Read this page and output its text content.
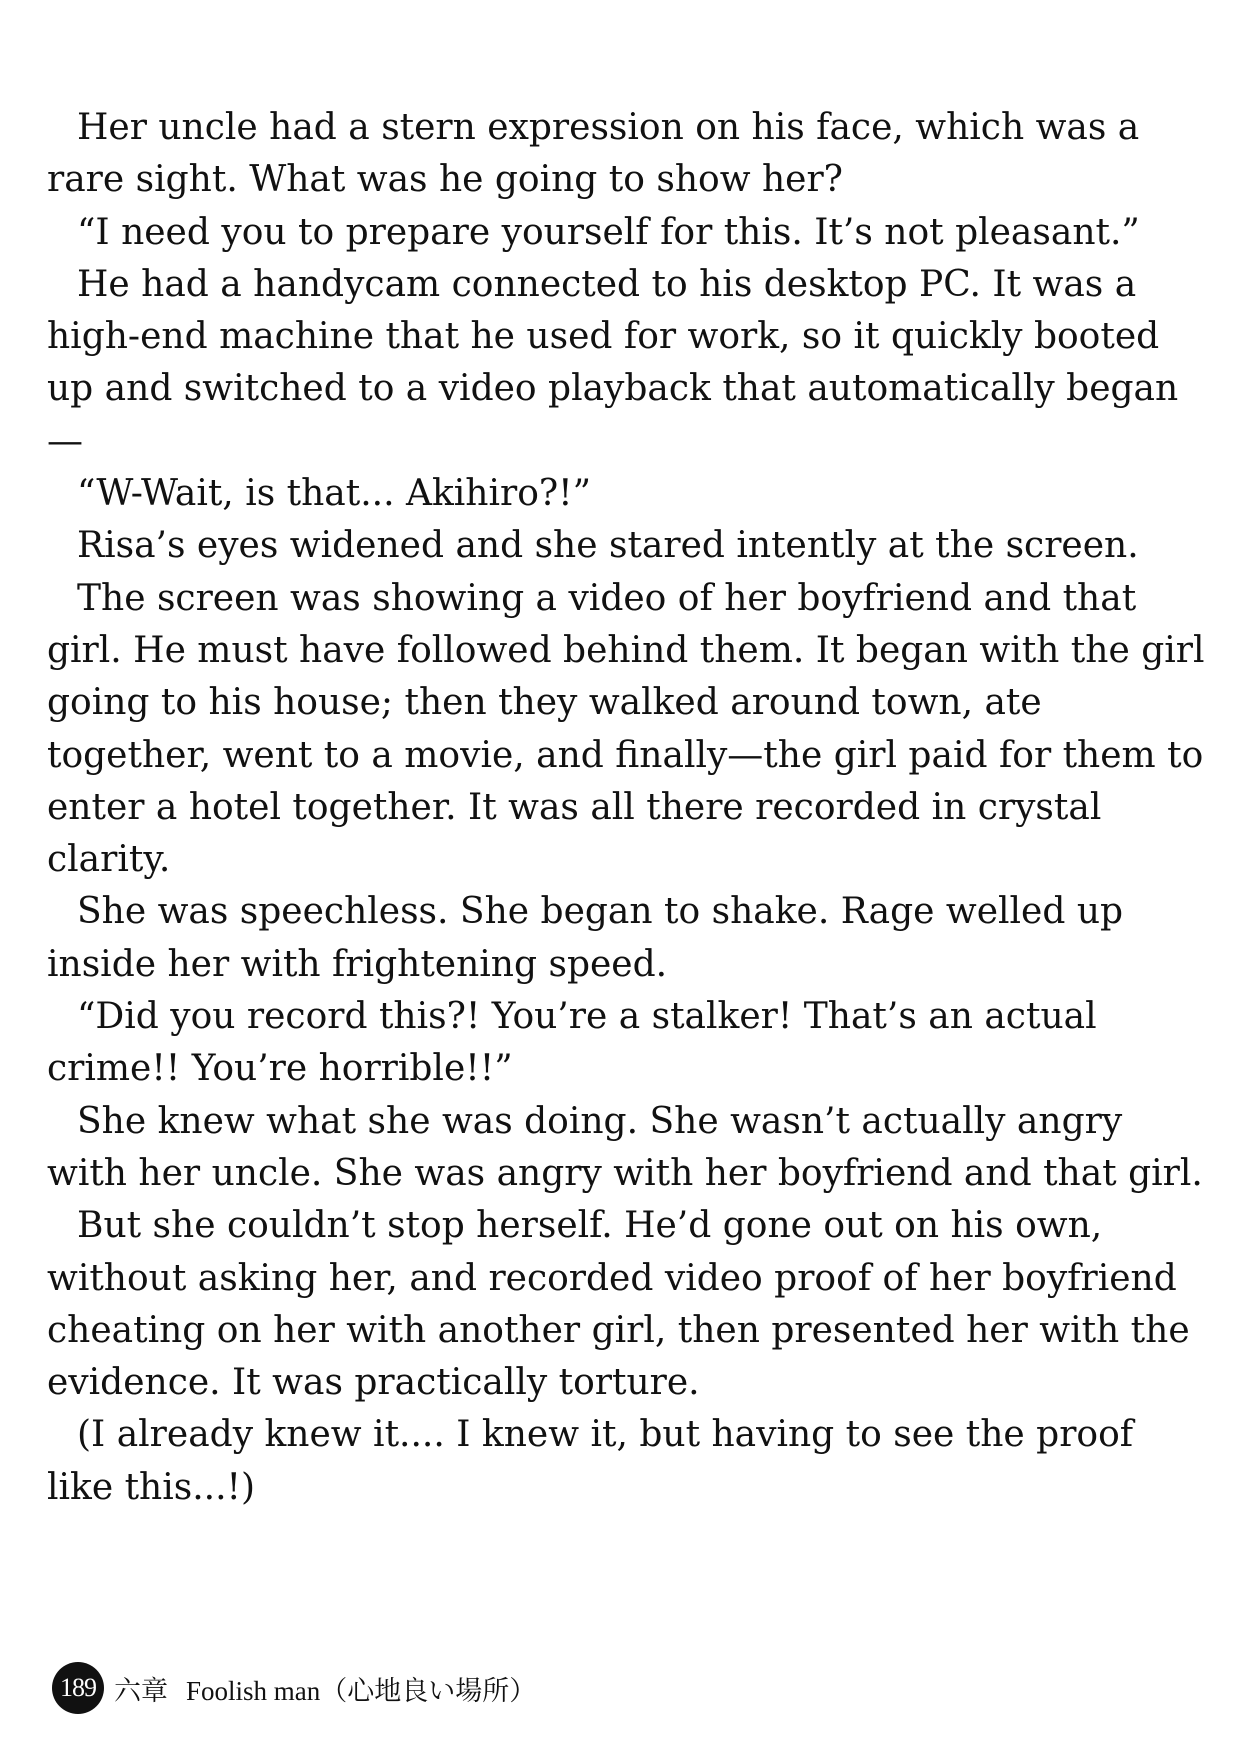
Her uncle had a stern expression on his face, which was a rare sight. What was he going to show her?

“I need you to prepare yourself for this. It’s not pleasant.”

He had a handycam connected to his desktop PC. It was a high-end machine that he used for work, so it quickly booted up and switched to a video playback that automatically began—

“W-Wait, is that... Akihiro?!”

Risa’s eyes widened and she stared intently at the screen.

The screen was showing a video of her boyfriend and that girl. He must have followed behind them. It began with the girl going to his house; then they walked around town, ate together, went to a movie, and finally—the girl paid for them to enter a hotel together. It was all there recorded in crystal clarity.

She was speechless. She began to shake. Rage welled up inside her with frightening speed.

“Did you record this?! You’re a stalker! That’s an actual crime!! You’re horrible!!”

She knew what she was doing. She wasn’t actually angry with her uncle. She was angry with her boyfriend and that girl.

But she couldn’t stop herself. He’d gone out on his own, without asking her, and recorded video proof of her boyfriend cheating on her with another girl, then presented her with the evidence. It was practically torture.

(I already knew it.... I knew it, but having to see the proof like this...!)

189 六章 Foolish man（心地良い場所）
